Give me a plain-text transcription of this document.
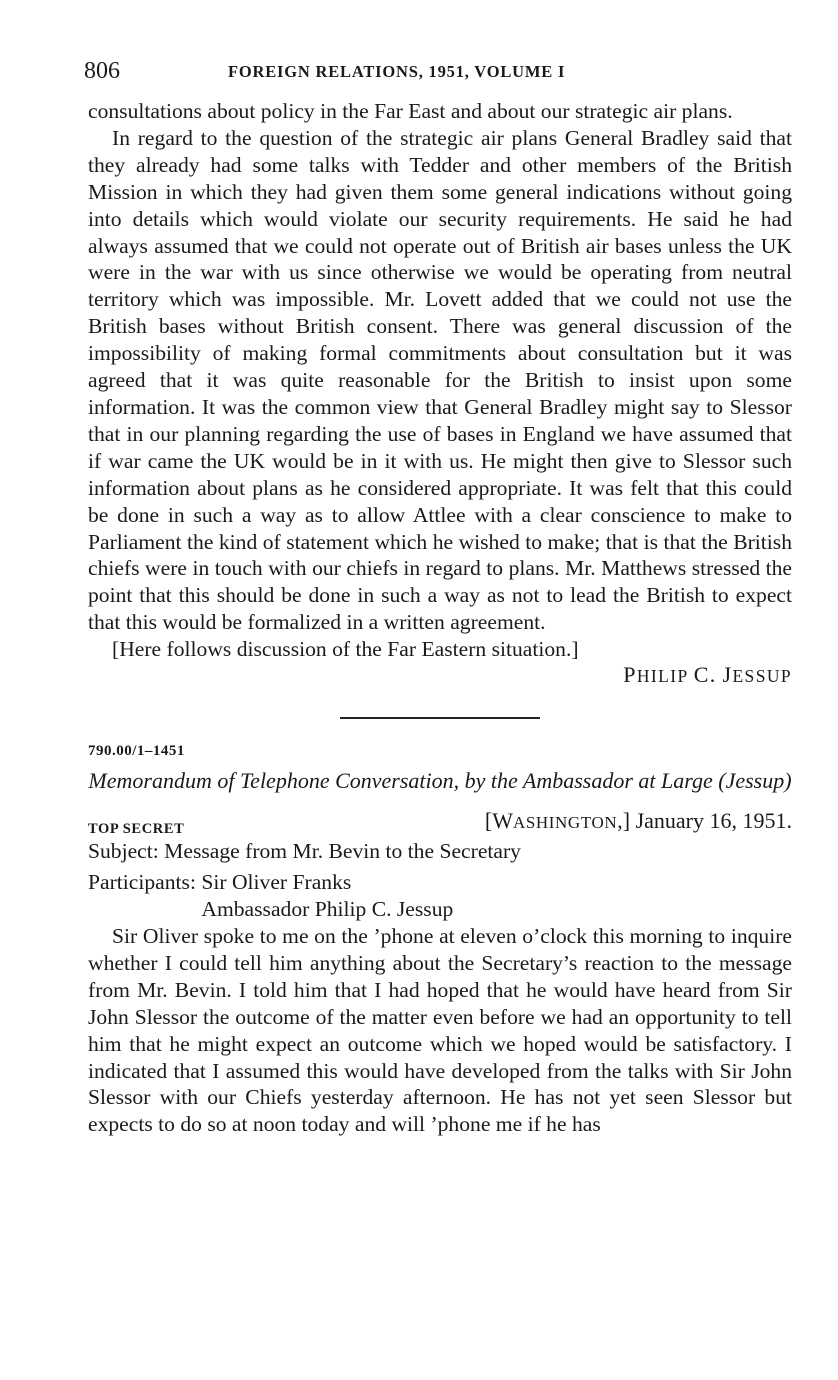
806	FOREIGN RELATIONS, 1951, VOLUME I

consultations about policy in the Far East and about our strategic air plans.

In regard to the question of the strategic air plans General Bradley said that they already had some talks with Tedder and other members of the British Mission in which they had given them some general indications without going into details which would violate our security requirements. He said he had always assumed that we could not operate out of British air bases unless the UK were in the war with us since otherwise we would be operating from neutral territory which was impossible. Mr. Lovett added that we could not use the British bases without British consent. There was general discussion of the impossibility of making formal commitments about consultation but it was agreed that it was quite reasonable for the British to insist upon some information. It was the common view that General Bradley might say to Slessor that in our planning regarding the use of bases in England we have assumed that if war came the UK would be in it with us. He might then give to Slessor such information about plans as he considered appropriate. It was felt that this could be done in such a way as to allow Attlee with a clear conscience to make to Parliament the kind of statement which he wished to make; that is that the British chiefs were in touch with our chiefs in regard to plans. Mr. Matthews stressed the point that this should be done in such a way as not to lead the British to expect that this would be formalized in a written agreement.

[Here follows discussion of the Far Eastern situation.]

PHILIP C. JESSUP
790.00/1–1451
Memorandum of Telephone Conversation, by the Ambassador at Large (Jessup)
TOP SECRET	[WASHINGTON,] January 16, 1951.
Subject: Message from Mr. Bevin to the Secretary
Participants: Sir Oliver Franks
Ambassador Philip C. Jessup

Sir Oliver spoke to me on the ’phone at eleven o’clock this morning to inquire whether I could tell him anything about the Secretary’s reaction to the message from Mr. Bevin. I told him that I had hoped that he would have heard from Sir John Slessor the outcome of the matter even before we had an opportunity to tell him that he might expect an outcome which we hoped would be satisfactory. I indicated that I assumed this would have developed from the talks with Sir John Slessor with our Chiefs yesterday afternoon. He has not yet seen Slessor but expects to do so at noon today and will ’phone me if he has
